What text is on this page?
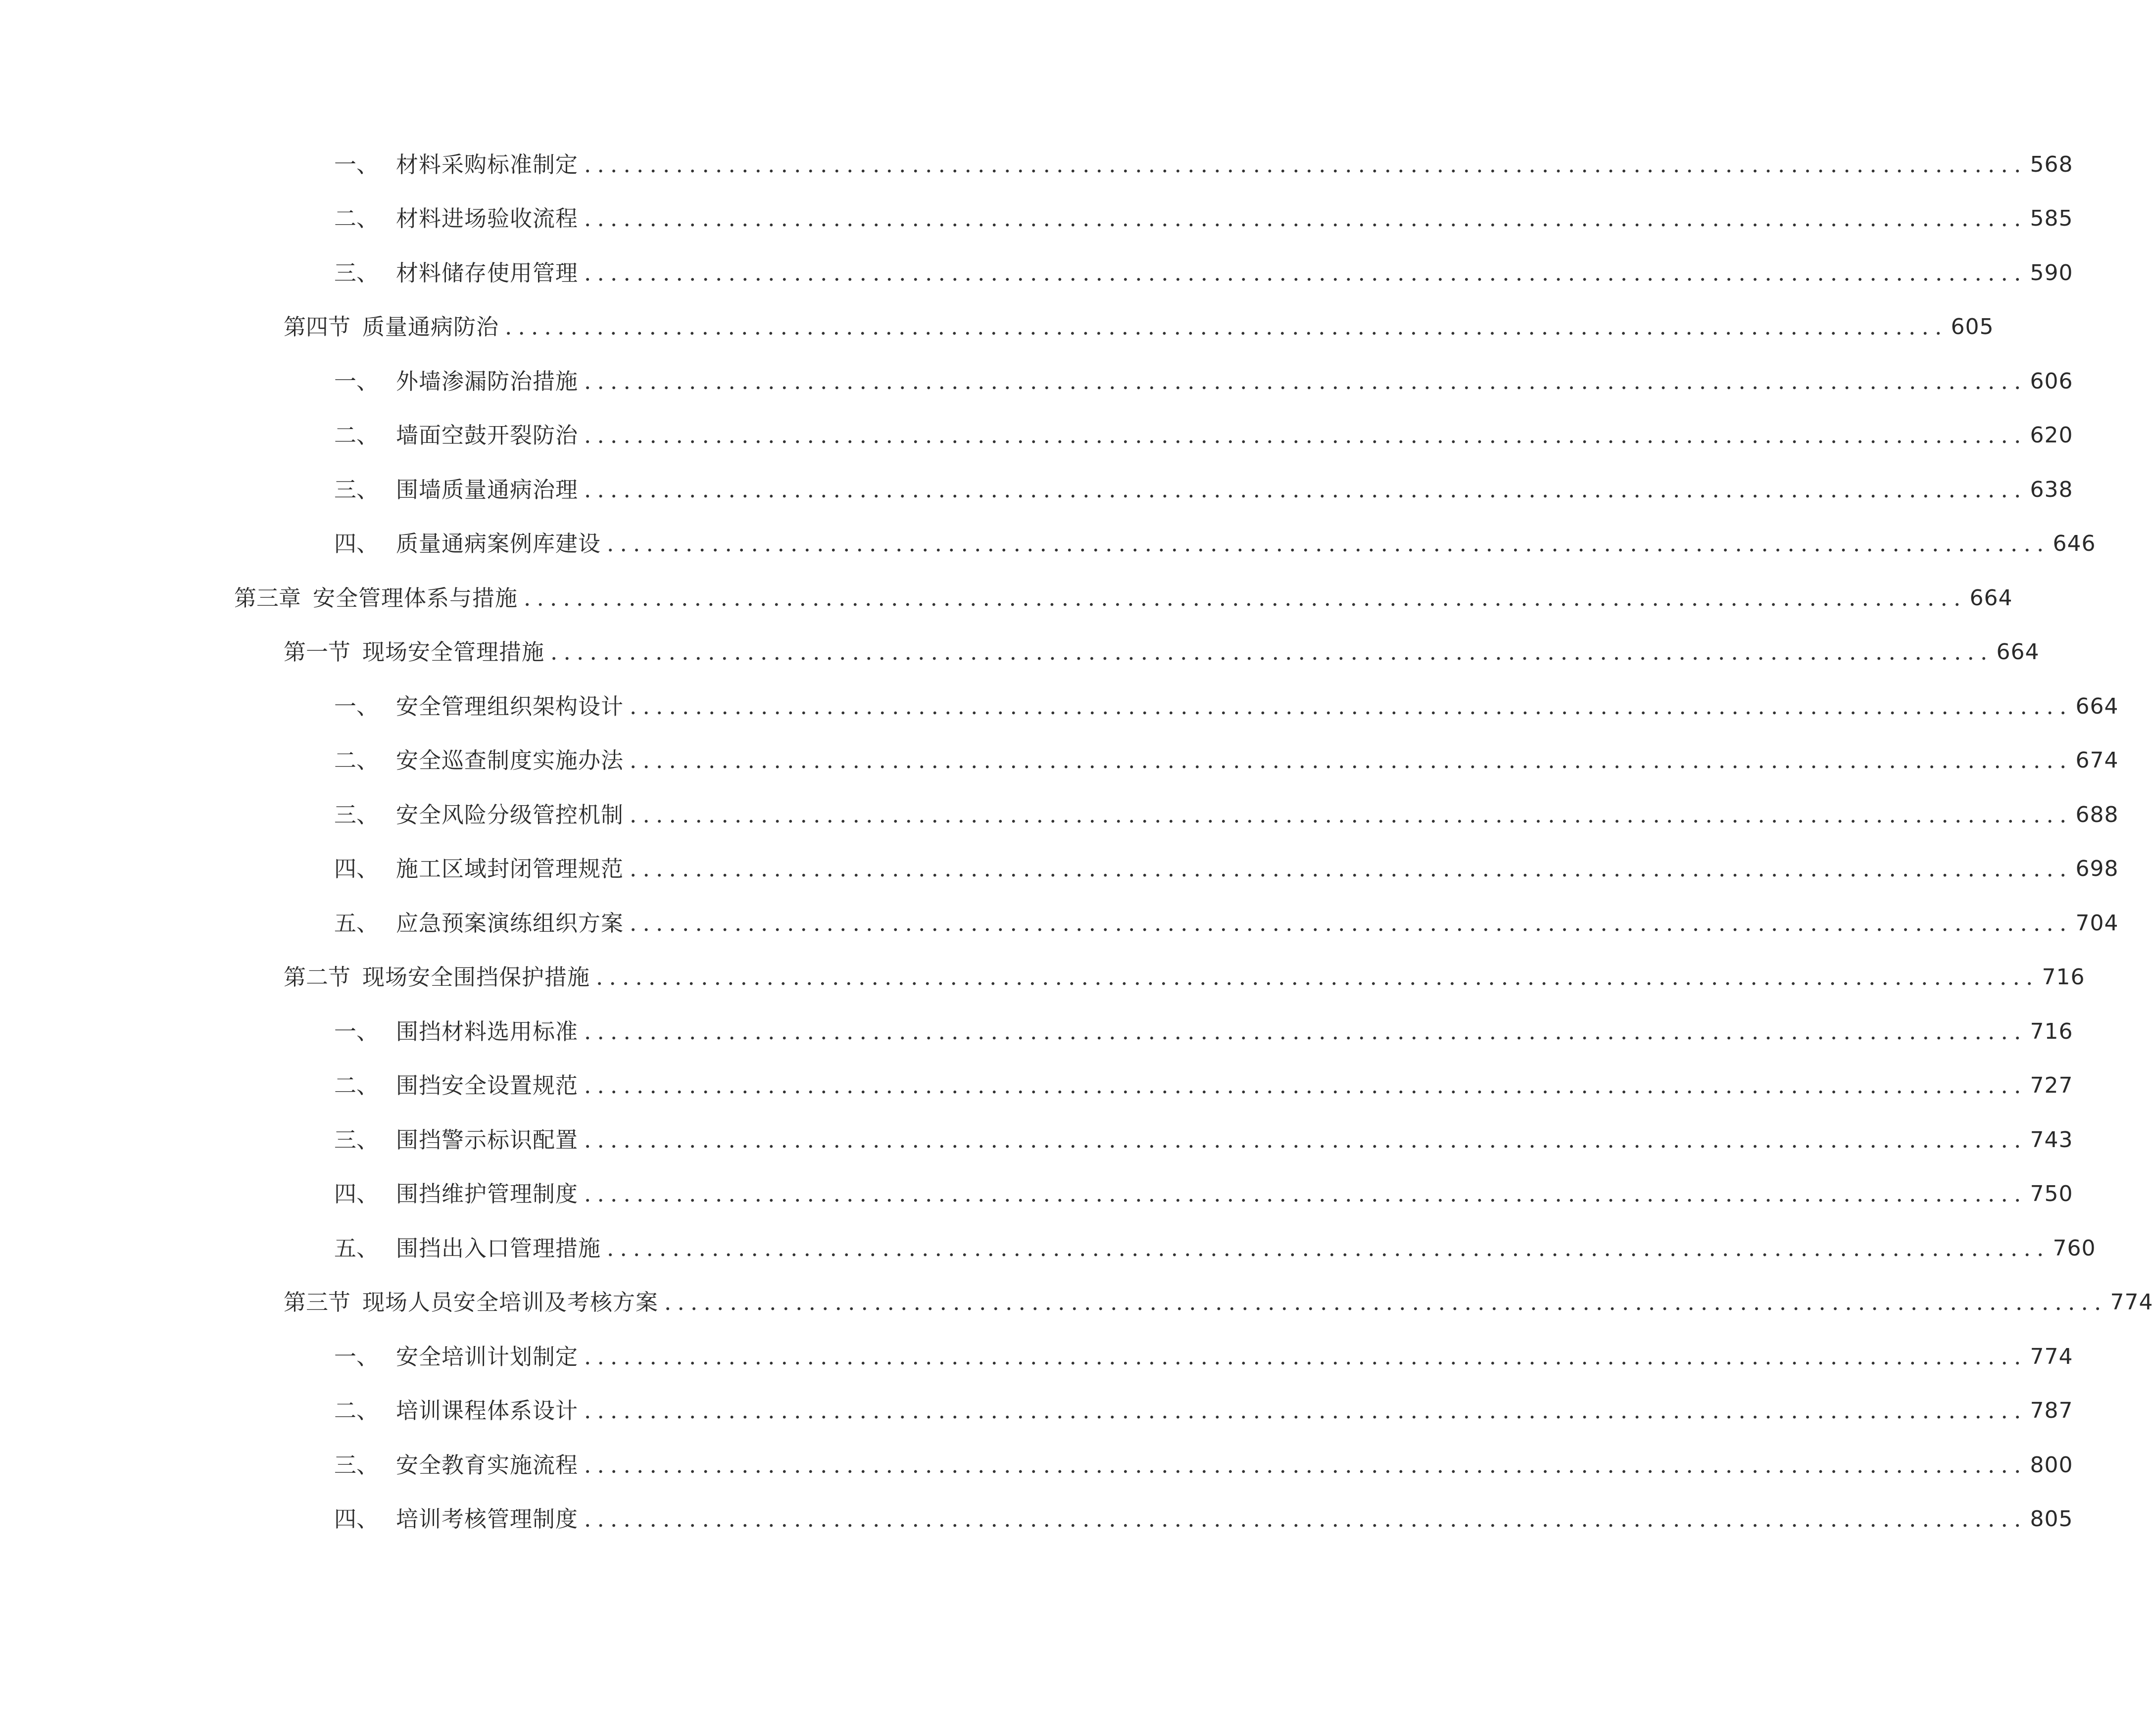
一、 材料采购标准制定 .............................................................................................................. 568
二、 材料进场验收流程 .............................................................................................................. 585
三、 材料储存使用管理 .............................................................................................................. 590
第四节 质量通病防治 .............................................................................................................. 605
一、 外墙渗漏防治措施 .............................................................................................................. 606
二、 墙面空鼓开裂防治 .............................................................................................................. 620
三、 围墙质量通病治理 .............................................................................................................. 638
四、 质量通病案例库建设 .............................................................................................................. 646
第三章 安全管理体系与措施 .............................................................................................................. 664
第一节 现场安全管理措施 .............................................................................................................. 664
一、 安全管理组织架构设计 .............................................................................................................. 664
二、 安全巡查制度实施办法 .............................................................................................................. 674
三、 安全风险分级管控机制 .............................................................................................................. 688
四、 施工区域封闭管理规范 .............................................................................................................. 698
五、 应急预案演练组织方案 .............................................................................................................. 704
第二节 现场安全围挡保护措施 .............................................................................................................. 716
一、 围挡材料选用标准 .............................................................................................................. 716
二、 围挡安全设置规范 .............................................................................................................. 727
三、 围挡警示标识配置 .............................................................................................................. 743
四、 围挡维护管理制度 .............................................................................................................. 750
五、 围挡出入口管理措施 .............................................................................................................. 760
第三节 现场人员安全培训及考核方案 .............................................................................................................. 774
一、 安全培训计划制定 .............................................................................................................. 774
二、 培训课程体系设计 .............................................................................................................. 787
三、 安全教育实施流程 .............................................................................................................. 800
四、 培训考核管理制度 .............................................................................................................. 805
